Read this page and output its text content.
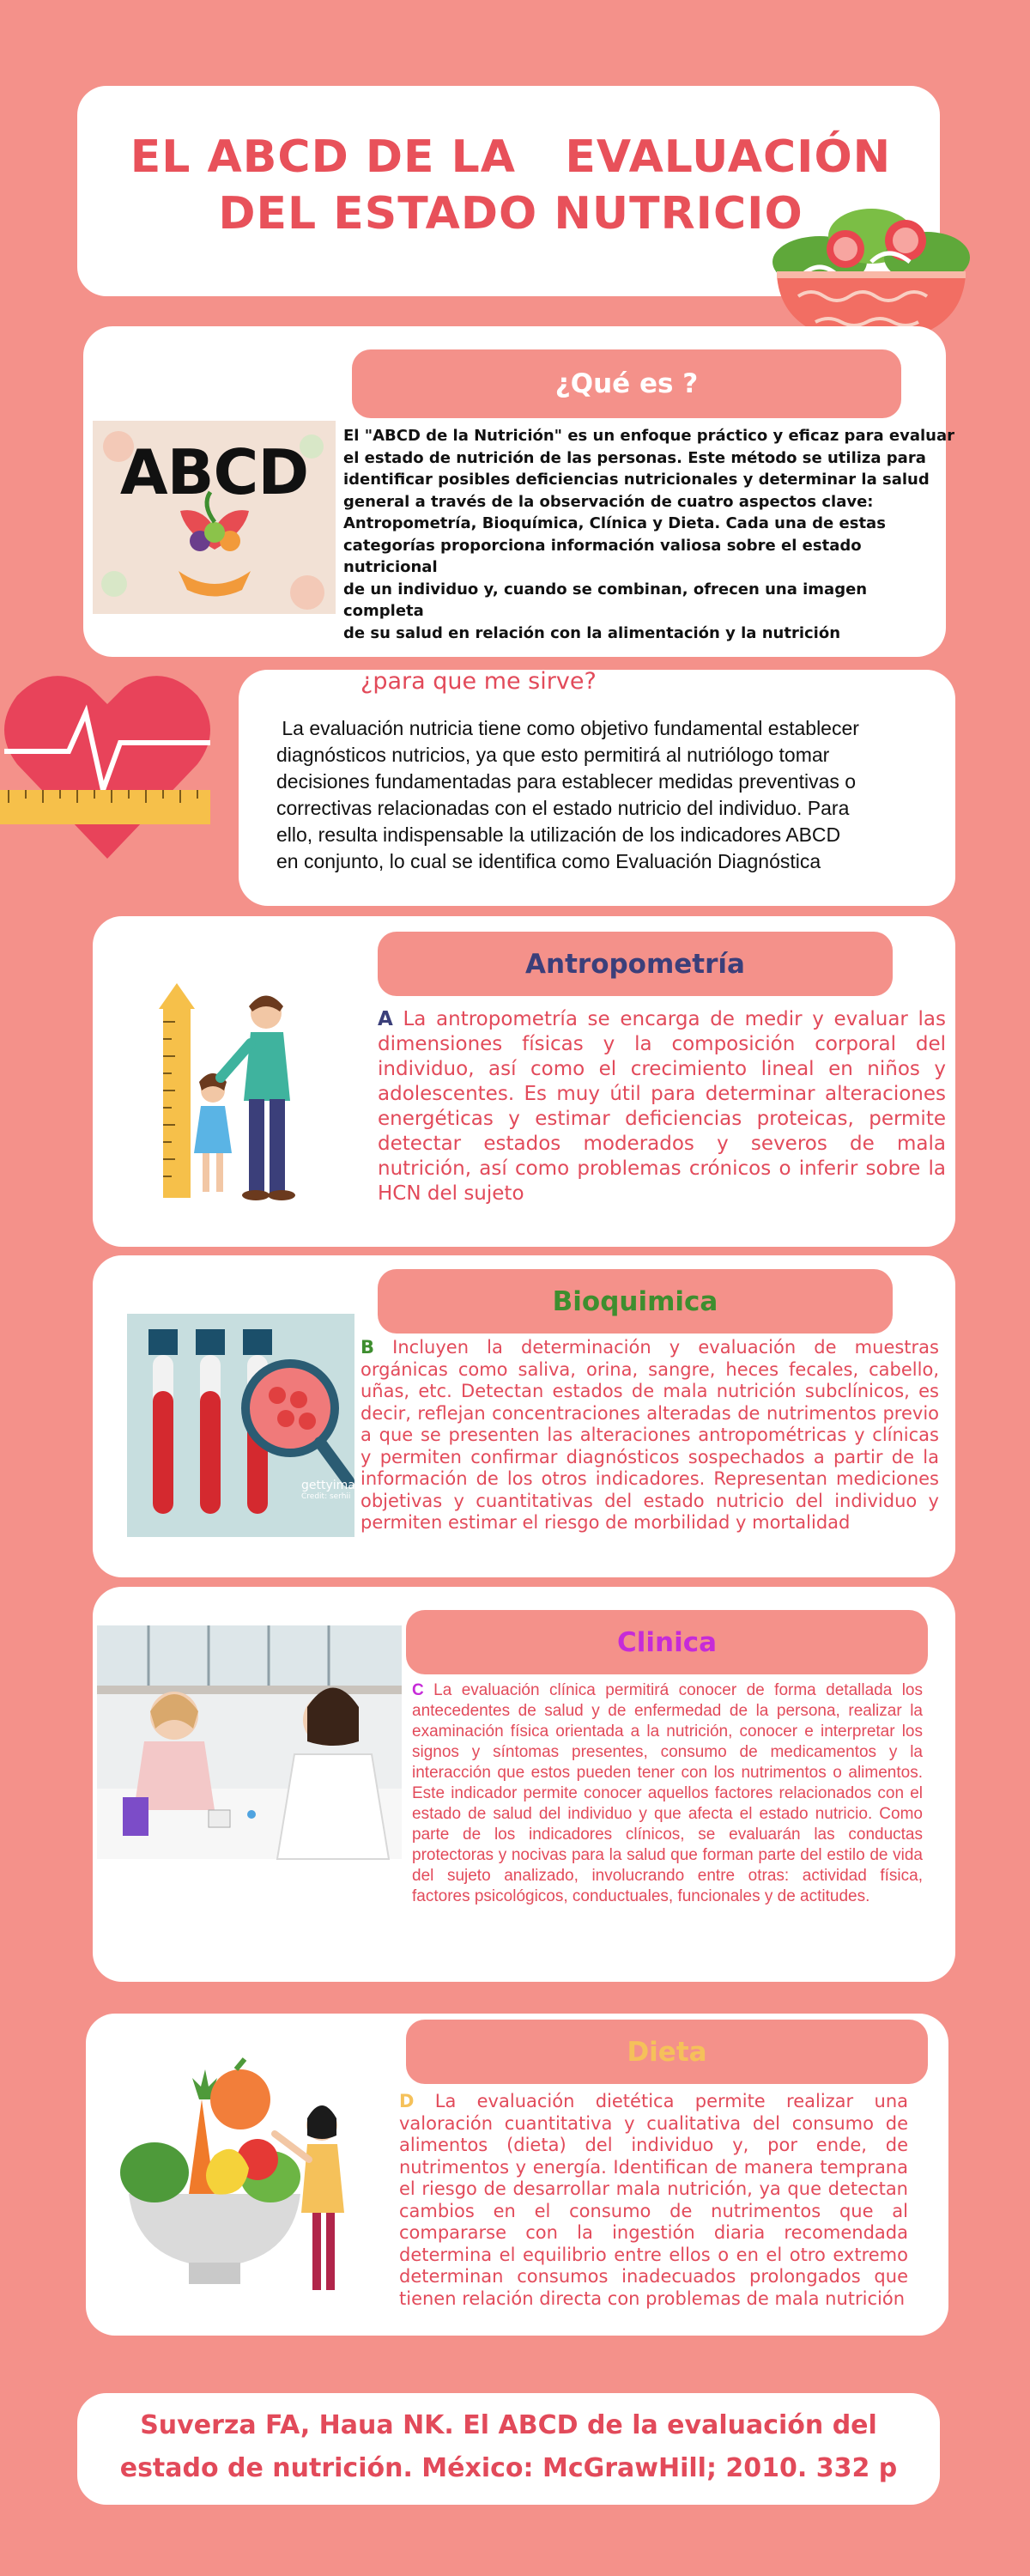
EL ABCD DE LA   EVALUACIÓN
DEL ESTADO NUTRICIO
¿Qué es ?
ABCD
El "ABCD de la Nutrición" es un enfoque práctico y eficaz para evaluar
el estado de nutrición de las personas. Este método se utiliza para
identificar posibles deficiencias nutricionales y determinar la salud
general a través de la observación de cuatro aspectos clave:
Antropometría, Bioquímica, Clínica y Dieta. Cada una de estas
categorías proporciona información valiosa sobre el estado
nutricional
de un individuo y, cuando se combinan, ofrecen una imagen
completa
de su salud en relación con la alimentación y la nutrición
¿para que me sirve?
La evaluación nutricia tiene como objetivo fundamental establecer
diagnósticos nutricios, ya que esto permitirá al nutriólogo tomar
decisiones fundamentadas para establecer medidas preventivas o
correctivas relacionadas con el estado nutricio del individuo. Para
ello, resulta indispensable la utilización de los indicadores ABCD
en conjunto, lo cual se identifica como Evaluación Diagnóstica
Antropometría
A La antropometría se encarga de medir y evaluar las dimensiones físicas y la composición corporal del individuo, así como el crecimiento lineal en niños y adolescentes. Es muy útil para determinar alteraciones energéticas y estimar deficiencias proteicas, permite detectar estados moderados y severos de mala nutrición, así como problemas crónicos o inferir sobre la HCN del sujeto
Bioquimica
gettyimages
Credit: serhii
B Incluyen la determinación y evaluación de muestras orgánicas como saliva, orina, sangre, heces fecales, cabello, uñas, etc. Detectan estados de mala nutrición subclínicos, es decir, reflejan concentraciones alteradas de nutrimentos previo a que se presenten las alteraciones antropométricas y clínicas y permiten confirmar diagnósticos sospechados a partir de la información de los otros indicadores. Representan mediciones objetivas y cuantitativas del estado nutricio del individuo y permiten estimar el riesgo de morbilidad y mortalidad
Clinica
C La evaluación clínica permitirá conocer de forma detallada los antecedentes de salud y de enfermedad de la persona, realizar la examinación física orientada a la nutrición, conocer e interpretar los signos y síntomas presentes, consumo de medicamentos y la interacción que estos pueden tener con los nutrimentos o alimentos. Este indicador permite conocer aquellos factores relacionados con el estado de salud del individuo y que afecta el estado nutricio. Como parte de los indicadores clínicos, se evaluarán las conductas protectoras y nocivas para la salud que forman parte del estilo de vida del sujeto analizado, involucrando entre otras: actividad física, factores psicológicos, conductuales, funcionales y de actitudes.
Dieta
D La evaluación dietética permite realizar una valoración cuantitativa y cualitativa del consumo de alimentos (dieta) del individuo y, por ende, de nutrimentos y energía. Identifican de manera temprana el riesgo de desarrollar mala nutrición, ya que detectan cambios en el consumo de nutrimentos que al compararse con la ingestión diaria recomendada determina el equilibrio entre ellos o en el otro extremo determinan consumos inadecuados prolongados que tienen relación directa con problemas de mala nutrición
Suverza FA, Haua NK. El ABCD de la evaluación del
estado de nutrición. México: McGrawHill; 2010. 332 p
